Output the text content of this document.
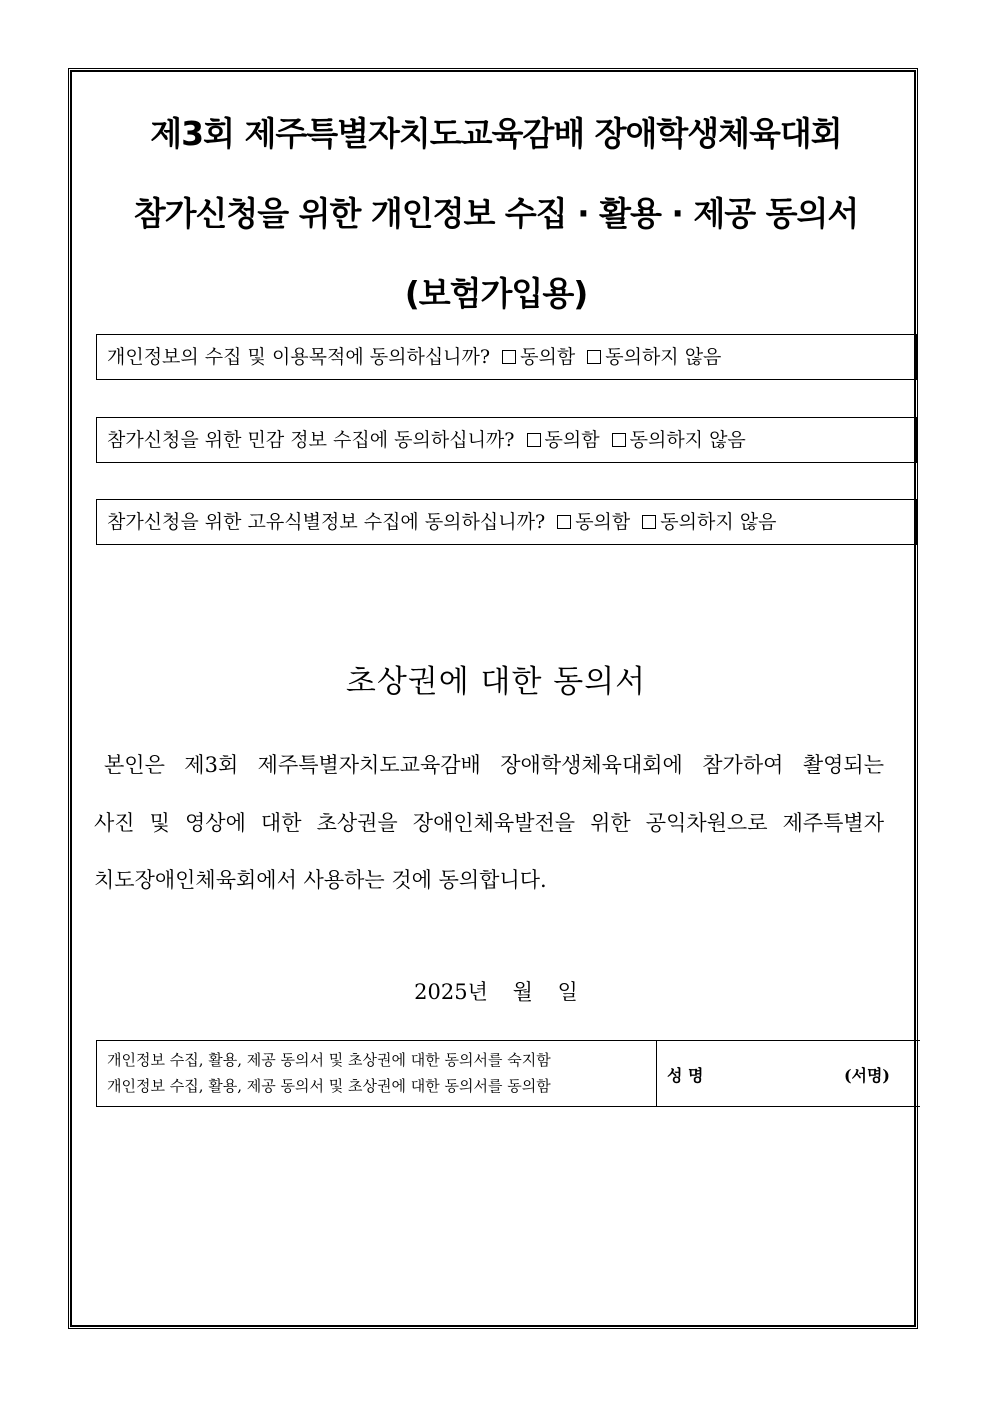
제3회 제주특별자치도교육감배 장애학생체육대회
참가신청을 위한 개인정보 수집 · 활용 · 제공 동의서
(보험가입용)
개인정보의 수집 및 이용목적에 동의하십니까? 동의함 동의하지 않음
참가신청을 위한 민감 정보 수집에 동의하십니까? 동의함 동의하지 않음
참가신청을 위한 고유식별정보 수집에 동의하십니까? 동의함 동의하지 않음
초상권에 대한 동의서
본인은 제3회 제주특별자치도교육감배 장애학생체육대회에 참가하여 촬영되는
사진 및 영상에 대한 초상권을 장애인체육발전을 위한 공익차원으로 제주특별자
치도장애인체육회에서 사용하는 것에 동의합니다.
2025년 월 일
개인정보 수집, 활용, 제공 동의서 및 초상권에 대한 동의서를 숙지함
개인정보 수집, 활용, 제공 동의서 및 초상권에 대한 동의서를 동의함
성 명	(서명)
